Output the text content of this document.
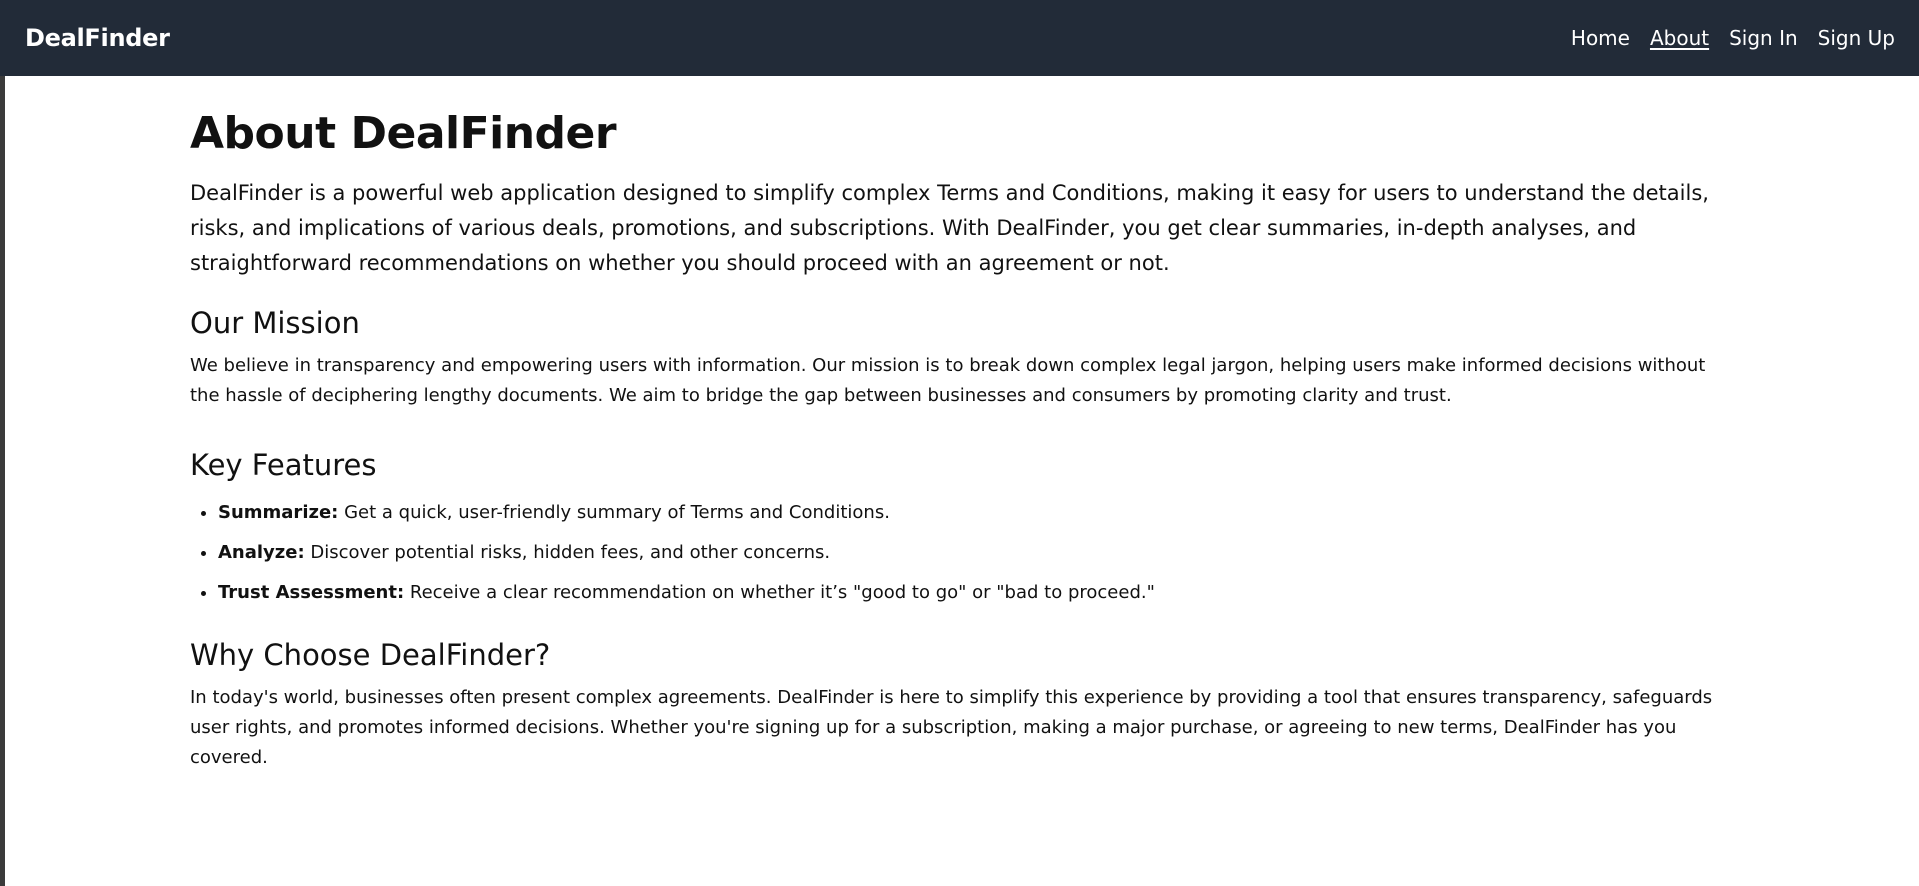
DealFinder	Home About Sign In Sign Up
About DealFinder

DealFinder is a powerful web application designed to simplify complex Terms and Conditions, making it easy for users to understand the details, risks, and implications of various deals, promotions, and subscriptions. With DealFinder, you get clear summaries, in-depth analyses, and straightforward recommendations on whether you should proceed with an agreement or not.

Our Mission

We believe in transparency and empowering users with information. Our mission is to break down complex legal jargon, helping users make informed decisions without the hassle of deciphering lengthy documents. We aim to bridge the gap between businesses and consumers by promoting clarity and trust.

Key Features
• Summarize: Get a quick, user-friendly summary of Terms and Conditions.
• Analyze: Discover potential risks, hidden fees, and other concerns.
• Trust Assessment: Receive a clear recommendation on whether it’s "good to go" or "bad to proceed."
Why Choose DealFinder?

In today's world, businesses often present complex agreements. DealFinder is here to simplify this experience by providing a tool that ensures transparency, safeguards user rights, and promotes informed decisions. Whether you're signing up for a subscription, making a major purchase, or agreeing to new terms, DealFinder has you covered.
